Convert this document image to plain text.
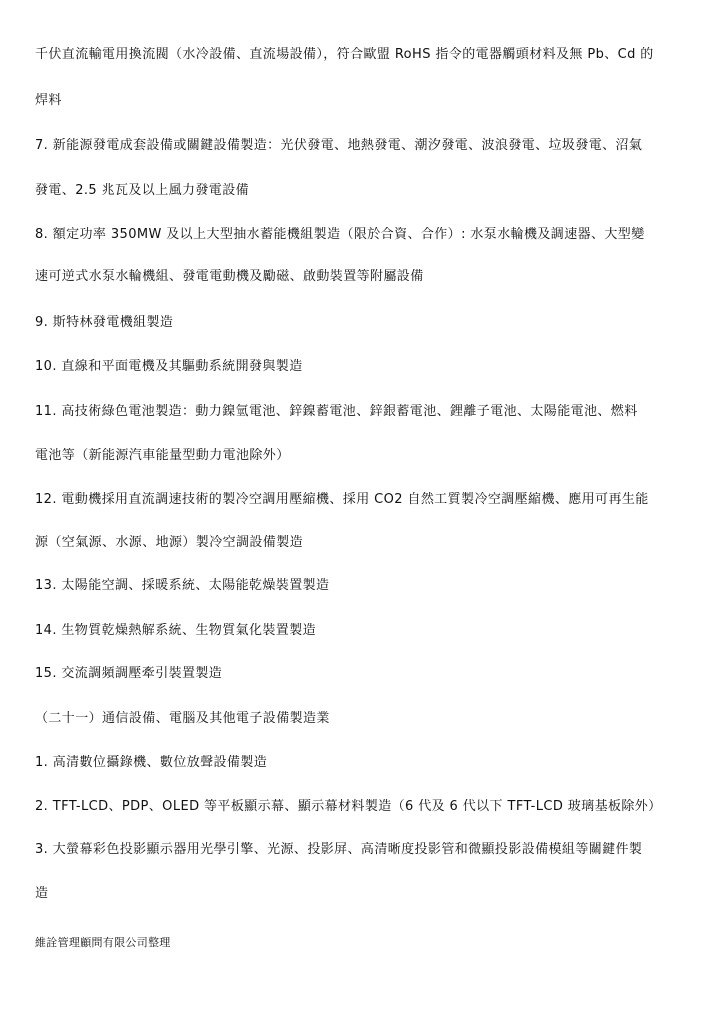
千伏直流輸電用換流閥（水冷設備、直流場設備），符合歐盟 RoHS 指令的電器觸頭材料及無 Pb、Cd 的
焊料
7. 新能源發電成套設備或關鍵設備製造：光伏發電、地熱發電、潮汐發電、波浪發電、垃圾發電、沼氣
發電、2.5 兆瓦及以上風力發電設備
8. 額定功率 350MW 及以上大型抽水蓄能機組製造（限於合資、合作）: 水泵水輪機及調速器、大型變
速可逆式水泵水輪機組、發電電動機及勵磁、啟動裝置等附屬設備
9. 斯特林發電機組製造
10. 直線和平面電機及其驅動系統開發與製造
11. 高技術綠色電池製造：動力鎳氫電池、鋅鎳蓄電池、鋅銀蓄電池、鋰離子電池、太陽能電池、燃料
電池等（新能源汽車能量型動力電池除外）
12. 電動機採用直流調速技術的製冷空調用壓縮機、採用 CO2 自然工質製冷空調壓縮機、應用可再生能
源（空氣源、水源、地源）製冷空調設備製造
13. 太陽能空調、採暖系統、太陽能乾燥裝置製造
14. 生物質乾燥熱解系統、生物質氣化裝置製造
15. 交流調頻調壓牽引裝置製造
（二十一）通信設備、電腦及其他電子設備製造業
1. 高清數位攝錄機、數位放聲設備製造
2. TFT-LCD、PDP、OLED 等平板顯示幕、顯示幕材料製造（6 代及 6 代以下 TFT-LCD 玻璃基板除外）
3. 大螢幕彩色投影顯示器用光學引擎、光源、投影屏、高清晰度投影管和微顯投影設備模組等關鍵件製
造
維詮管理顧問有限公司整理
